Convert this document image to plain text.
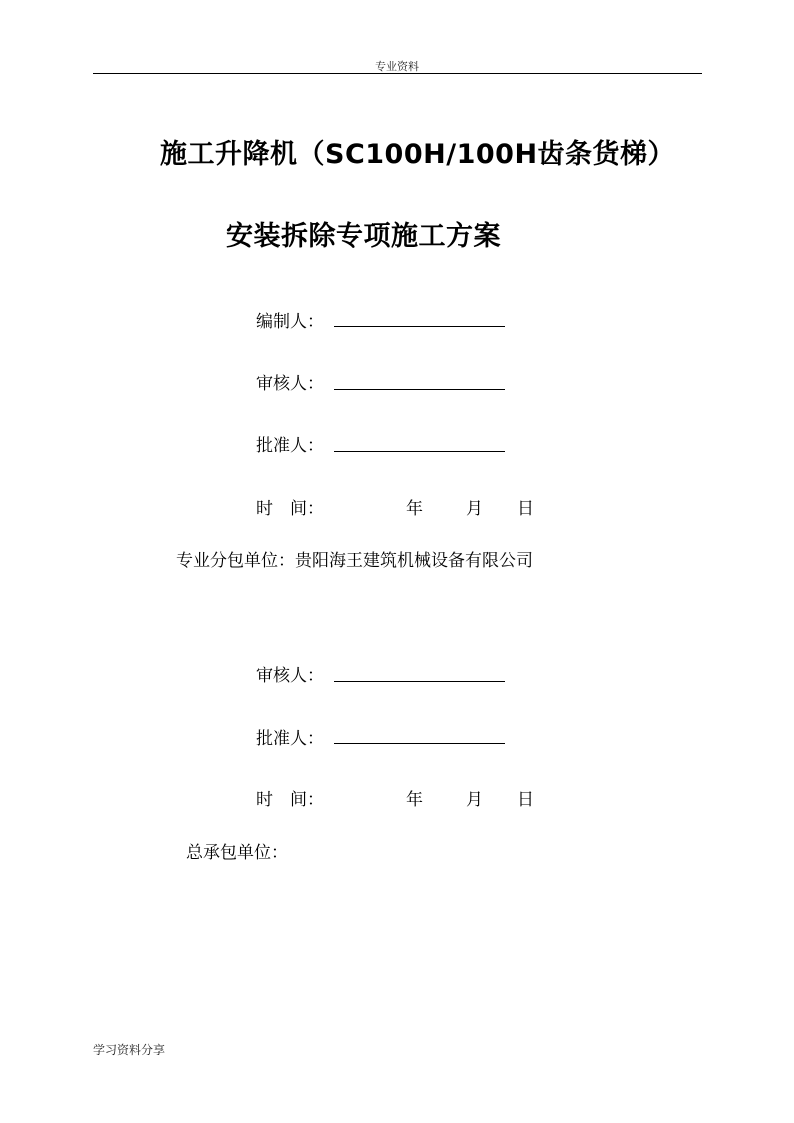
专业资料
施工升降机（SC100H/100H齿条货梯）
安装拆除专项施工方案
编制人：
审核人：
批准人：
时　间：	年	月 日
专业分包单位：贵阳海王建筑机械设备有限公司
审核人：
批准人：
时　间：	年	月 日
总承包单位：
学习资料分享
